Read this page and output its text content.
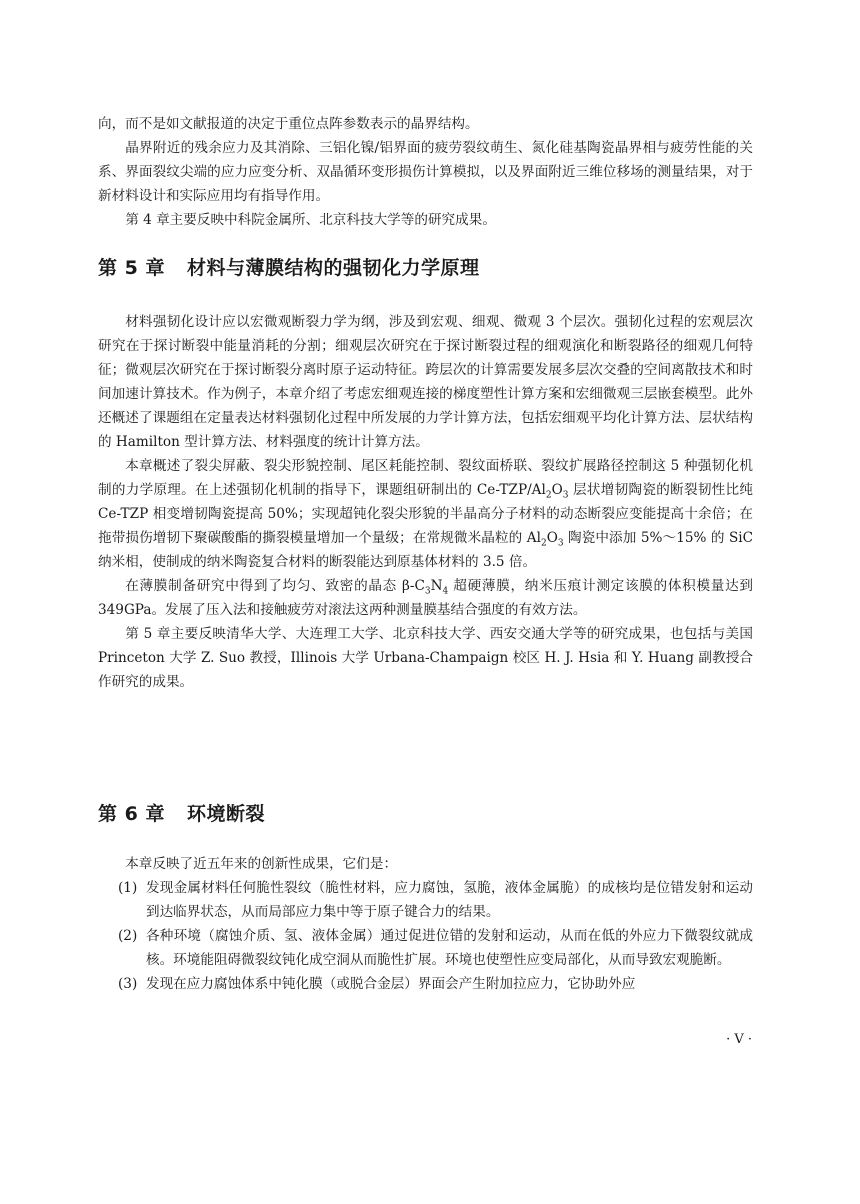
向，而不是如文献报道的决定于重位点阵参数表示的晶界结构。

晶界附近的残余应力及其消除、三铝化镍/铝界面的疲劳裂纹萌生、氮化硅基陶瓷晶界相与疲劳性能的关系、界面裂纹尖端的应力应变分析、双晶循环变形损伤计算模拟，以及界面附近三维位移场的测量结果，对于新材料设计和实际应用均有指导作用。

第 4 章主要反映中科院金属所、北京科技大学等的研究成果。

第 5 章 材料与薄膜结构的强韧化力学原理

材料强韧化设计应以宏微观断裂力学为纲，涉及到宏观、细观、微观 3 个层次。强韧化过程的宏观层次研究在于探讨断裂中能量消耗的分割；细观层次研究在于探讨断裂过程的细观演化和断裂路径的细观几何特征；微观层次研究在于探讨断裂分离时原子运动特征。跨层次的计算需要发展多层次交叠的空间离散技术和时间加速计算技术。作为例子，本章介绍了考虑宏细观连接的梯度塑性计算方案和宏细微观三层嵌套模型。此外还概述了课题组在定量表达材料强韧化过程中所发展的力学计算方法，包括宏细观平均化计算方法、层状结构的 Hamilton 型计算方法、材料强度的统计计算方法。

本章概述了裂尖屏蔽、裂尖形貌控制、尾区耗能控制、裂纹面桥联、裂纹扩展路径控制这 5 种强韧化机制的力学原理。在上述强韧化机制的指导下，课题组研制出的 $Ce-TZP/Al_2O_3$ 层状增韧陶瓷的断裂韧性比纯 Ce-TZP 相变增韧陶瓷提高 50%；实现超钝化裂尖形貌的半晶高分子材料的动态断裂应变能提高十余倍；在拖带损伤增韧下聚碳酸酯的撕裂模量增加一个量级；在常规微米晶粒的 $Al_2O_3$ 陶瓷中添加 5%～15% 的 SiC 纳米相，使制成的纳米陶瓷复合材料的断裂能达到原基体材料的 3.5 倍。

在薄膜制备研究中得到了均匀、致密的晶态 $\beta-C_3N_4$ 超硬薄膜，纳米压痕计测定该膜的体积模量达到 349GPa。发展了压入法和接触疲劳对滚法这两种测量膜基结合强度的有效方法。

第 5 章主要反映清华大学、大连理工大学、北京科技大学、西安交通大学等的研究成果，也包括与美国 Princeton 大学 Z. Suo 教授，Illinois 大学 Urbana-Champaign 校区 H. J. Hsia 和 Y. Huang 副教授合作研究的成果。

第 6 章 环境断裂

本章反映了近五年来的创新性成果，它们是：

(1) 发现金属材料任何脆性裂纹（脆性材料，应力腐蚀，氢脆，液体金属脆）的成核均是位错发射和运动到达临界状态，从而局部应力集中等于原子键合力的结果。
(2) 各种环境（腐蚀介质、氢、液体金属）通过促进位错的发射和运动，从而在低的外应力下微裂纹就成核。环境能阻碍微裂纹钝化成空洞从而脆性扩展。环境也使塑性应变局部化，从而导致宏观脆断。
(3) 发现在应力腐蚀体系中钝化膜（或脱合金层）界面会产生附加拉应力，它协助外应
· V ·
